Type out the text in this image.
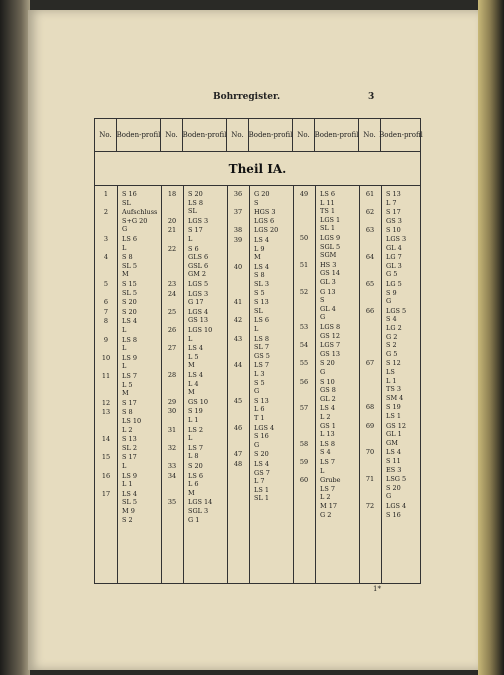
Bohrregister.	3
No. Boden- profil No. Boden- profil No. Boden- profil No. Boden- profil No. Boden- profil
Theil IA.
1	S 16
SL
2	Aufschluss
S+G 20
G
3	LS 6
L
4	S 8
SL 5
M
5	S 15
SL 5
6	S 20
7	S 20
8	LS 4
L
9	LS 8
L
10	LS 9
L
11	LS 7
L 5
M
12	S 17
13	S 8
LS 10
L 2
14	S 13
SL 2
15	S 17
L
16	LS 9
L 1
17	LS 4
SL 5
M 9
S 2
18	S 20
LS 8
SL
20	LGS 3
21	S 17
L
22	S 6
GLS 6
GSL 6
GM 2
23	LGS 5
24	LGS 3
G 17
25	LGS 4
GS 13
26	LGS 10
L
27	LS 4
L 5
M
28	LS 4
L 4
M
29	GS 10
30	S 19
L 1
31	LS 2
L
32	LS 7
L 8
33	S 20
34	LS 6
L 6
M
35	LGS 14
SGL 3
G 1
36	G 20
S
37	HGS 3
LGS 6
38	LGS 20
39	LS 4
L 9
M
40	LS 4
S 8
SL 3
S 5
41	S 13
SL
42	LS 6
L
43	LS 8
SL 7
GS 5
44	LS 7
L 3
S 5
G
45	S 13
L 6
T 1
46	LGS 4
S 16
G
47	S 20
48	LS 4
GS 7
L 7
LS 1
SL 1
49	LS 6
L 11
TS 1
LGS 1
SL 1
50	LGS 9
SGL 5
SGM
51	HS 3
GS 14
GL 3
52	G 13
S
GL 4
G
53	LGS 8
GS 12
54	LGS 7
GS 13
55	S 20
G
56	S 10
GS 8
GL 2
57	LS 4
L 2
GS 1
L 13
58	LS 8
S 4
59	LS 7
L
60	Grube
LS 7
L 2
M 17
G 2
61	S 13
L 7
62	S 17
GS 3
63	S 10
LGS 3
GL 4
64	LG 7
GL 3
G 5
65	LG 5
S 9
G
66	LGS 5
S 4
LG 2
G 2
S 2
G 5
67	S 12
LS
L 1
TS 3
SM 4
68	S 19
LS 1
69	GS 12
GL 1
GM
70	LS 4
S 11
ES 3
71	LSG 5
S 20
G
72	LGS 4
S 16
1*
